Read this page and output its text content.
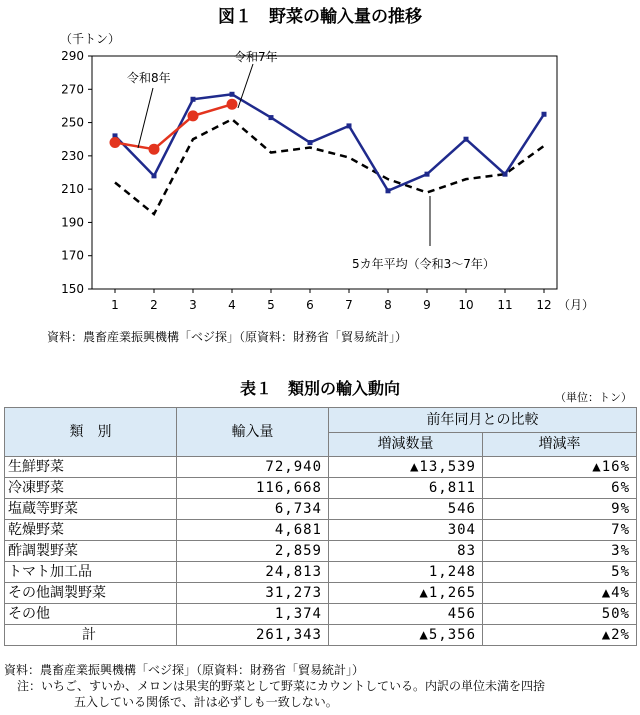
図１　野菜の輸入量の推移
（千トン）
（月）
150
170
190
210
230
250
270
290
1	2	3	4	5	6	7	8	9 10 11 12
令和8年
令和7年
5カ年平均（令和3～7年）
資料：農畜産業振興機構「ベジ探」（原資料：財務省「貿易統計」）
表１　類別の輸入動向	（単位：トン）
類　別	輸入量	前年同月との比較	
		増減数量	増減率
生鮮野菜	72,940	▲13,539	▲16%
冷凍野菜	116,668	6,811	6%
塩蔵等野菜	6,734	546	9%
乾燥野菜	4,681	304	7%
酢調製野菜	2,859	83	3%
トマト加工品	24,813	1,248	5%
その他調製野菜	31,273	▲1,265	▲4%
その他	1,374	456	50%
計	261,343	▲5,356	▲2%
資料：農畜産業振興機構「ベジ探」（原資料：財務省「貿易統計」）
注：いちご、すいか、メロンは果実的野菜として野菜にカウントしている。内訳の単位未満を四捨
五入している関係で、計は必ずしも一致しない。
